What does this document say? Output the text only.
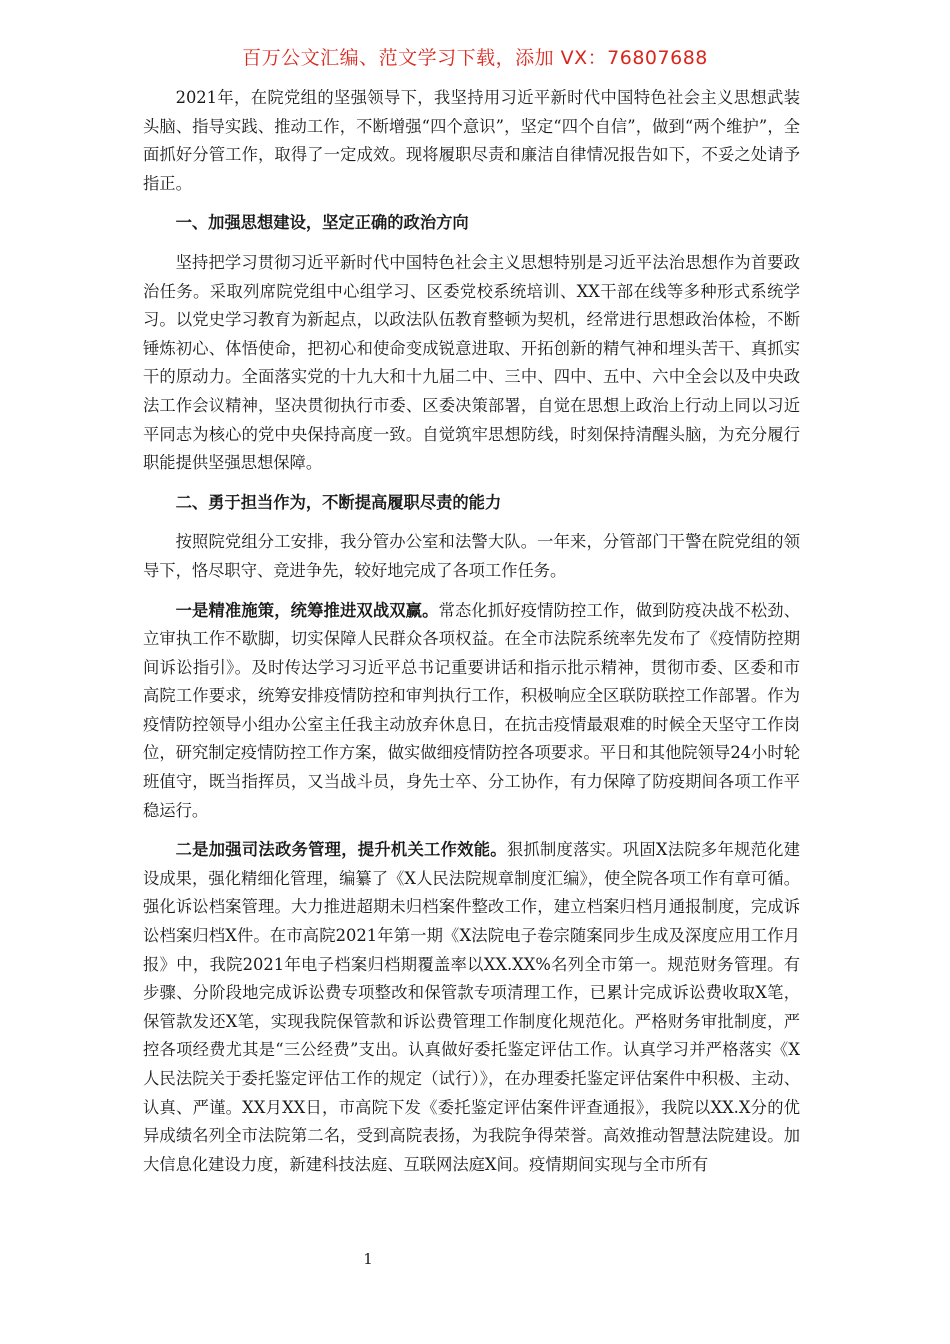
百万公文汇编、范文学习下载，添加 VX：76807688

2021年，在院党组的坚强领导下，我坚持用习近平新时代中国特色社会主义思想武装头脑、指导实践、推动工作，不断增强“四个意识”，坚定“四个自信”，做到“两个维护”，全面抓好分管工作，取得了一定成效。现将履职尽责和廉洁自律情况报告如下，不妥之处请予指正。

一、加强思想建设，坚定正确的政治方向

坚持把学习贯彻习近平新时代中国特色社会主义思想特别是习近平法治思想作为首要政治任务。采取列席院党组中心组学习、区委党校系统培训、XX干部在线等多种形式系统学习。以党史学习教育为新起点，以政法队伍教育整顿为契机，经常进行思想政治体检，不断锤炼初心、体悟使命，把初心和使命变成锐意进取、开拓创新的精气神和埋头苦干、真抓实干的原动力。全面落实党的十九大和十九届二中、三中、四中、五中、六中全会以及中央政法工作会议精神，坚决贯彻执行市委、区委决策部署，自觉在思想上政治上行动上同以习近平同志为核心的党中央保持高度一致。自觉筑牢思想防线，时刻保持清醒头脑，为充分履行职能提供坚强思想保障。

二、勇于担当作为，不断提高履职尽责的能力

按照院党组分工安排，我分管办公室和法警大队。一年来，分管部门干警在院党组的领导下，恪尽职守、竞进争先，较好地完成了各项工作任务。

一是精准施策，统筹推进双战双赢。常态化抓好疫情防控工作，做到防疫决战不松劲、立审执工作不歇脚，切实保障人民群众各项权益。在全市法院系统率先发布了《疫情防控期间诉讼指引》。及时传达学习习近平总书记重要讲话和指示批示精神，贯彻市委、区委和市高院工作要求，统筹安排疫情防控和审判执行工作，积极响应全区联防联控工作部署。作为疫情防控领导小组办公室主任我主动放弃休息日，在抗击疫情最艰难的时候全天坚守工作岗位，研究制定疫情防控工作方案，做实做细疫情防控各项要求。平日和其他院领导24小时轮班值守，既当指挥员，又当战斗员，身先士卒、分工协作，有力保障了防疫期间各项工作平稳运行。

二是加强司法政务管理，提升机关工作效能。狠抓制度落实。巩固X法院多年规范化建设成果，强化精细化管理，编纂了《X人民法院规章制度汇编》，使全院各项工作有章可循。强化诉讼档案管理。大力推进超期未归档案件整改工作，建立档案归档月通报制度，完成诉讼档案归档X件。在市高院2021年第一期《X法院电子卷宗随案同步生成及深度应用工作月报》中，我院2021年电子档案归档期覆盖率以XX.XX%名列全市第一。规范财务管理。有步骤、分阶段地完成诉讼费专项整改和保管款专项清理工作，已累计完成诉讼费收取X笔，保管款发还X笔，实现我院保管款和诉讼费管理工作制度化规范化。严格财务审批制度，严控各项经费尤其是“三公经费”支出。认真做好委托鉴定评估工作。认真学习并严格落实《X人民法院关于委托鉴定评估工作的规定（试行）》，在办理委托鉴定评估案件中积极、主动、认真、严谨。XX月XX日，市高院下发《委托鉴定评估案件评查通报》，我院以XX.X分的优异成绩名列全市法院第二名，受到高院表扬，为我院争得荣誉。高效推动智慧法院建设。加大信息化建设力度，新建科技法庭、互联网法庭X间。疫情期间实现与全市所有

1
